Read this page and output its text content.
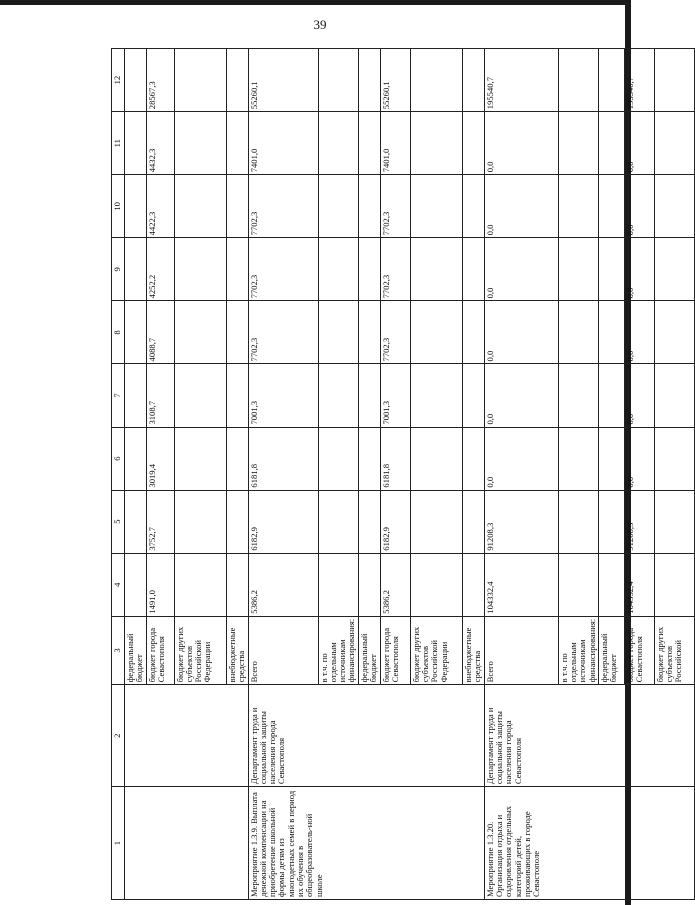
39
1	2	3	4	5	6	7	8	9	10	11	12
		федеральный бюджет									
		бюджет города Севастополя	1491,0	3752,7	3019,4	3108,7	4088,7	4252,2	4422,3	4432,3	28567,3
		бюджет других субъектов Российской Федерации									
		внебюджетные средства									
Мероприятие 1.3.9. Выплата денежной компенсации на приобретение школьной формы детям из многодетных семей в период их обучения в общеобразователь-ной школе	Департамент труда и социальной защиты населения города Севастополя	Всего	5386,2	6182,9	6181,8	7001,3	7702,3	7702,3	7702,3	7401,0	55260,1
		в т.ч. по отдельным источникам финансирования:									
		федеральный бюджет									
		бюджет города Севастополя	5386,2	6182,9	6181,8	7001,3	7702,3	7702,3	7702,3	7401,0	55260,1
		бюджет других субъектов Российской Федерации									
		внебюджетные средства									
Мероприятие 1.3.20. Организация отдыха и оздоровления отдельных категорий детей, проживающих в городе Севастополе	Департамент труда и социальной защиты населения города Севастополя	Всего	104332,4	91208,3	0,0	0,0	0,0	0,0	0,0	0,0	195540,7
		в т.ч. по отдельным источникам финансирования:									
		федеральный бюджет									
		бюджет города Севастополя	104332,4	91208,3	0,0	0,0	0,0	0,0	0,0	0,0	195540,7
		бюджет других субъектов Российской									
